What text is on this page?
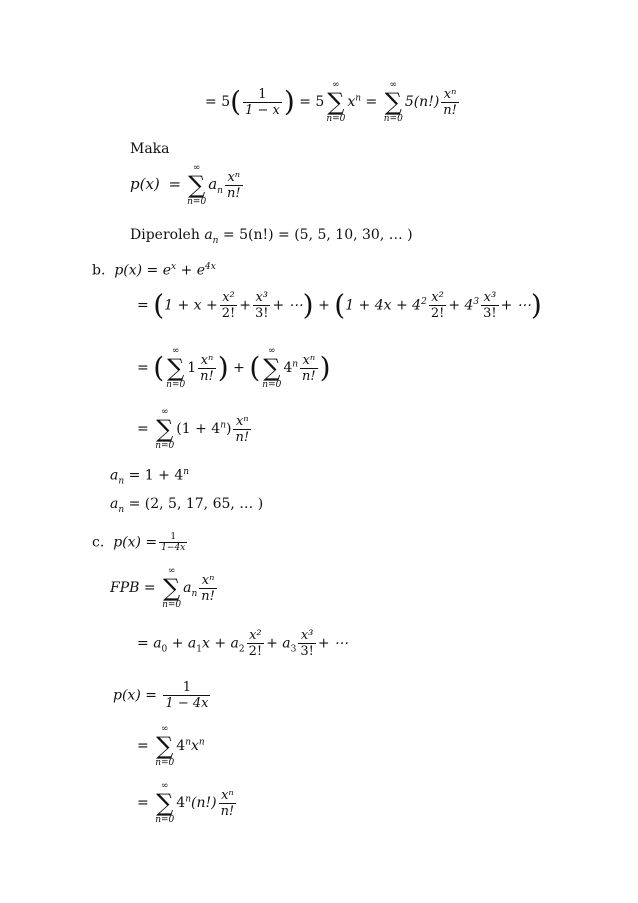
= $5( \frac{1}{1 - x}$ ) = 5
∞
∑
n=0
$x^n$ =
∞
∑
n=0
$5(n!) \frac{\text{xⁿ}}{n!}$
Maka
p(x) =
∞
∑
n=0
$a_n \frac{\text{xⁿ}}{n!}$
Diperoleh $a_n = 5(n!) = (5$, 5, 10, 30, … )
b. $p(x) = e^x + e^{4x}$
= ($1 + x + \frac{\text{x²}}{2!} + \frac{\text{x³}}{3!}$ + ⋯) + ($1 + 4x + 4^2 \frac{\text{x²}}{2!} + 4^3 \frac{\text{x³}}{3!}$ + ⋯)
= ( ∞
∑
n=0
$1 \frac{\text{xⁿ}}{n!}$ ) + ( ∞
∑
n=0
$4^n \frac{\text{xⁿ}}{n!}$ )
=
∞
∑
n=0
$(1 + 4^n) \frac{\text{xⁿ}}{n!}$
$a_n = 1 + 4^n$
$a_n = (2$, 5, 17, 65, … )
c. $p(x) = \frac{1}{1-4x}$
FPB =
∞
∑
n=0
$a_n \frac{\text{xⁿ}}{n!}$
= $a_0 + a_1x + a_2 \frac{\text{x²}}{2!} + a_3 \frac{\text{x³}}{3!}$ + ⋯
$p(x) = \frac{1}{1 - 4x}$
=
∞
∑
n=0
$4^nx^n$
=
∞
∑
n=0
$4^n(n!) \frac{\text{xⁿ}}{n!}$
